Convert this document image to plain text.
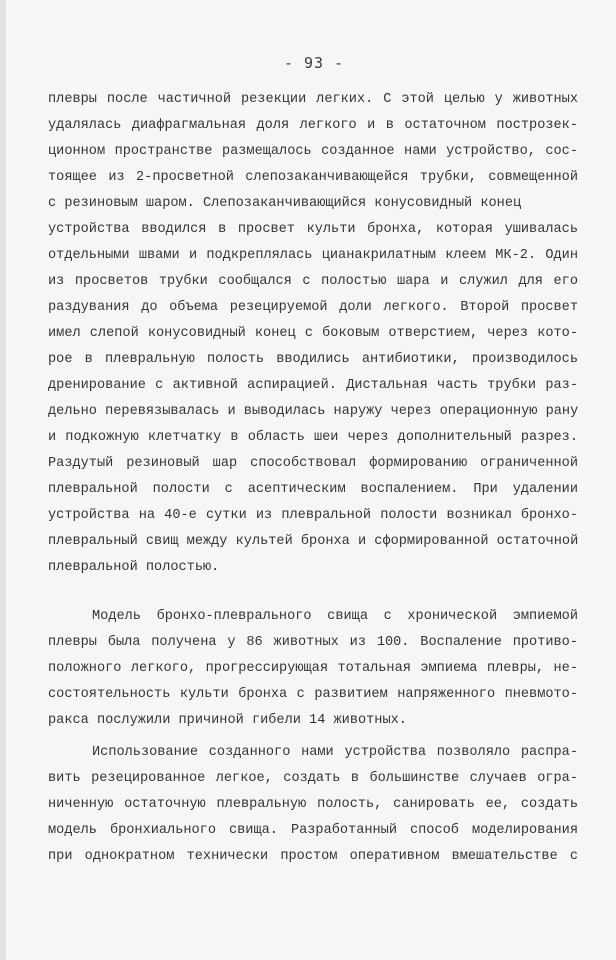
- 93 -
плевры после частичной резекции легких. С этой целью у животных
удалялась диафрагмальная доля легкого и в остаточном построзек-
ционном пространстве размещалось созданное нами устройство, сос-
тоящее из 2-просветной слепозаканчивающейся трубки, совмещенной
с резиновым шаром. Слепозаканчивающийся конусовидный конец
устройства вводился в просвет культи бронха, которая ушивалась
отдельными швами и подкреплялась цианакрилатным клеем МК-2. Один
из просветов трубки сообщался с полостью шара и служил для его
раздувания до объема резецируемой доли легкого. Второй просвет
имел слепой конусовидный конец с боковым отверстием, через кото-
рое в плевральную полость вводились антибиотики, производилось
дренирование с активной аспирацией. Дистальная часть трубки раз-
дельно перевязывалась и выводилась наружу через операционную рану
и подкожную клетчатку в область шеи через дополнительный разрез.
Раздутый резиновый шар способствовал формированию ограниченной
плевральной полости с асептическим воспалением. При удалении
устройства на 40-е сутки из плевральной полости возникал бронхо-
плевральный свищ между культей бронха и сформированной остаточной
плевральной полостью.
Модель бронхо-плеврального свища с хронической эмпиемой
плевры была получена у 86 животных из 100. Воспаление противо-
положного легкого, прогрессирующая тотальная эмпиема плевры, не-
состоятельность культи бронха с развитием напряженного пневмото-
ракса послужили причиной гибели 14 животных.
Использование созданного нами устройства позволяло распра-
вить резецированное легкое, создать в большинстве случаев огра-
ниченную остаточную плевральную полость, санировать ее, создать
модель бронхиального свища. Разработанный способ моделирования
при однократном технически простом оперативном вмешательстве с
